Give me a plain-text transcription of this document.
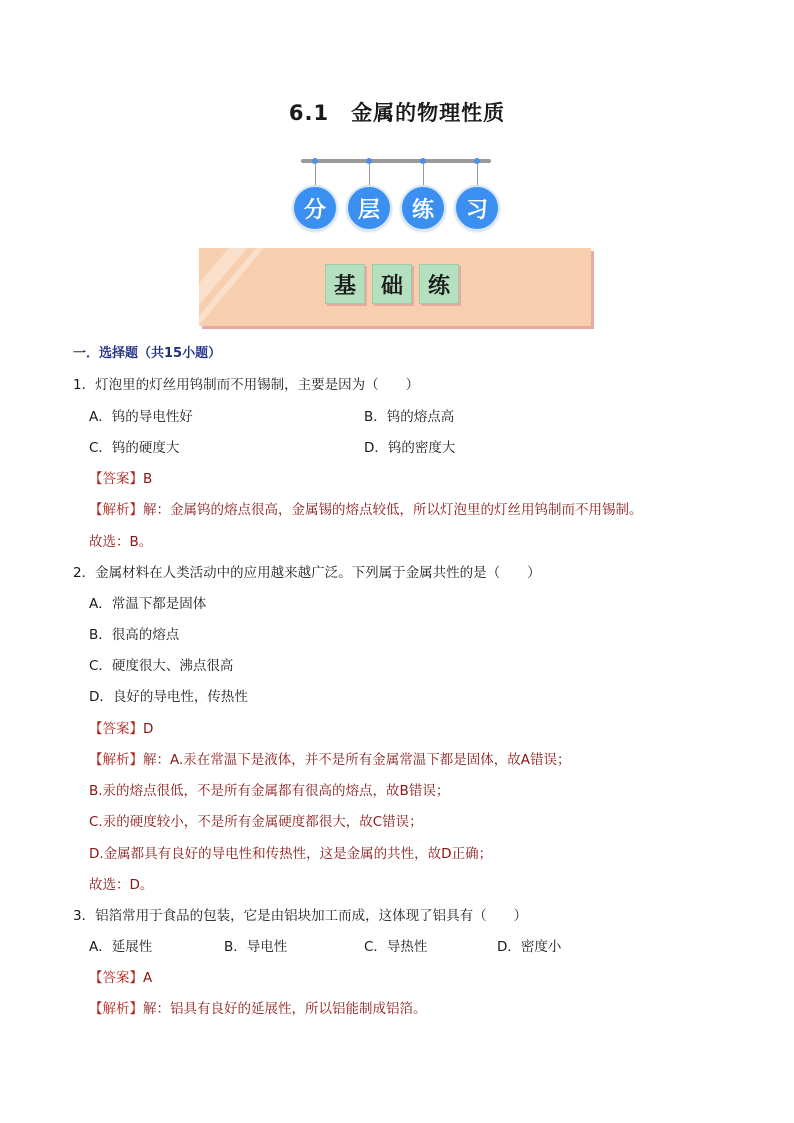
6.1 金属的物理性质
分	层	练	习
基	础	练
一．选择题（共15小题）
1．灯泡里的灯丝用钨制而不用锡制，主要是因为（　　）
A．钨的导电性好	B．钨的熔点高
C．钨的硬度大	D．钨的密度大
【答案】B
【解析】解：金属钨的熔点很高，金属锡的熔点较低，所以灯泡里的灯丝用钨制而不用锡制。
故选：B。
2．金属材料在人类活动中的应用越来越广泛。下列属于金属共性的是（　　）
A．常温下都是固体
B．很高的熔点
C．硬度很大、沸点很高
D．良好的导电性，传热性
【答案】D
【解析】解：A.汞在常温下是液体，并不是所有金属常温下都是固体，故A错误；
B.汞的熔点很低，不是所有金属都有很高的熔点，故B错误；
C.汞的硬度较小，不是所有金属硬度都很大，故C错误；
D.金属都具有良好的导电性和传热性，这是金属的共性，故D正确；
故选：D。
3．铝箔常用于食品的包装，它是由铝块加工而成，这体现了铝具有（　　）
A．延展性	B．导电性	C．导热性	D．密度小
【答案】A
【解析】解：铝具有良好的延展性，所以铝能制成铝箔。
